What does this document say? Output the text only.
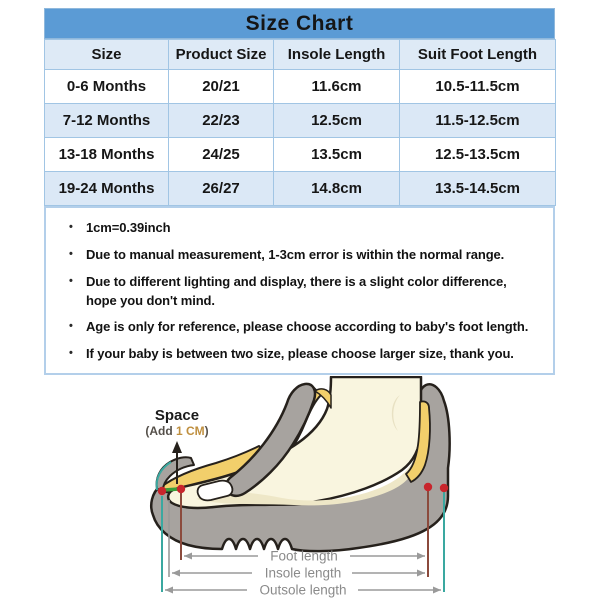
Size Chart
Size	Product Size	Insole Length	Suit Foot Length
0-6 Months	20/21	11.6cm	10.5-11.5cm
7-12 Months	22/23	12.5cm	11.5-12.5cm
13-18 Months	24/25	13.5cm	12.5-13.5cm
19-24 Months	26/27	14.8cm	13.5-14.5cm
• 1cm=0.39inch
• Due to manual measurement, 1-3cm error is within the normal range.
• Due to different lighting and display, there is a slight color difference, hope you don't mind.
• Age is only for reference, please choose according to baby's foot length.
• If your baby is between two size, please choose larger size, thank you.
Space
(Add 1 CM)
Foot length
Insole length
Outsole length
